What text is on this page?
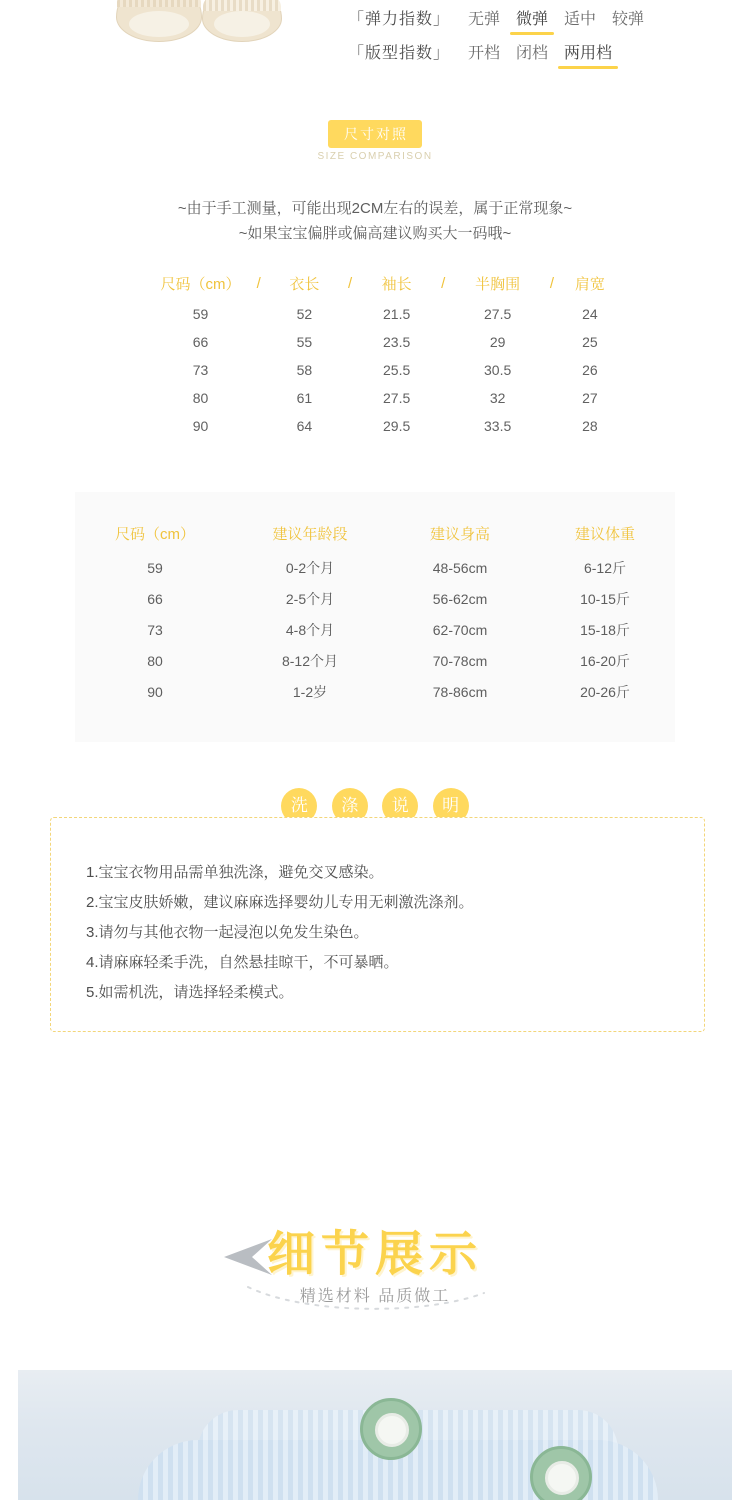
「弹力指数」	无弹	微弹	适中	较弹
「版型指数」	开档	闭档	两用档
尺寸对照
SIZE COMPARISON
~由于手工测量，可能出现2CM左右的误差，属于正常现象~
~如果宝宝偏胖或偏高建议购买大一码哦~
尺码（cm）	/	衣长	/	袖长	/	半胸围	/	肩宽
59	52	21.5	27.5	24
66	55	23.5	29	25
73	58	25.5	30.5	26
80	61	27.5	32	27
90	64	29.5	33.5	28
尺码（cm）	建议年龄段	建议身高	建议体重
59	0-2个月	48-56cm	6-12斤
66	2-5个月	56-62cm	10-15斤
73	4-8个月	62-70cm	15-18斤
80	8-12个月	70-78cm	16-20斤
90	1-2岁	78-86cm	20-26斤
洗 涤 说 明
1.宝宝衣物用品需单独洗涤，避免交叉感染。
2.宝宝皮肤娇嫩，建议麻麻选择婴幼儿专用无刺激洗涤剂。
3.请勿与其他衣物一起浸泡以免发生染色。
4.请麻麻轻柔手洗，自然悬挂晾干，不可暴晒。
5.如需机洗，请选择轻柔模式。
细节展示
精选材料 品质做工
